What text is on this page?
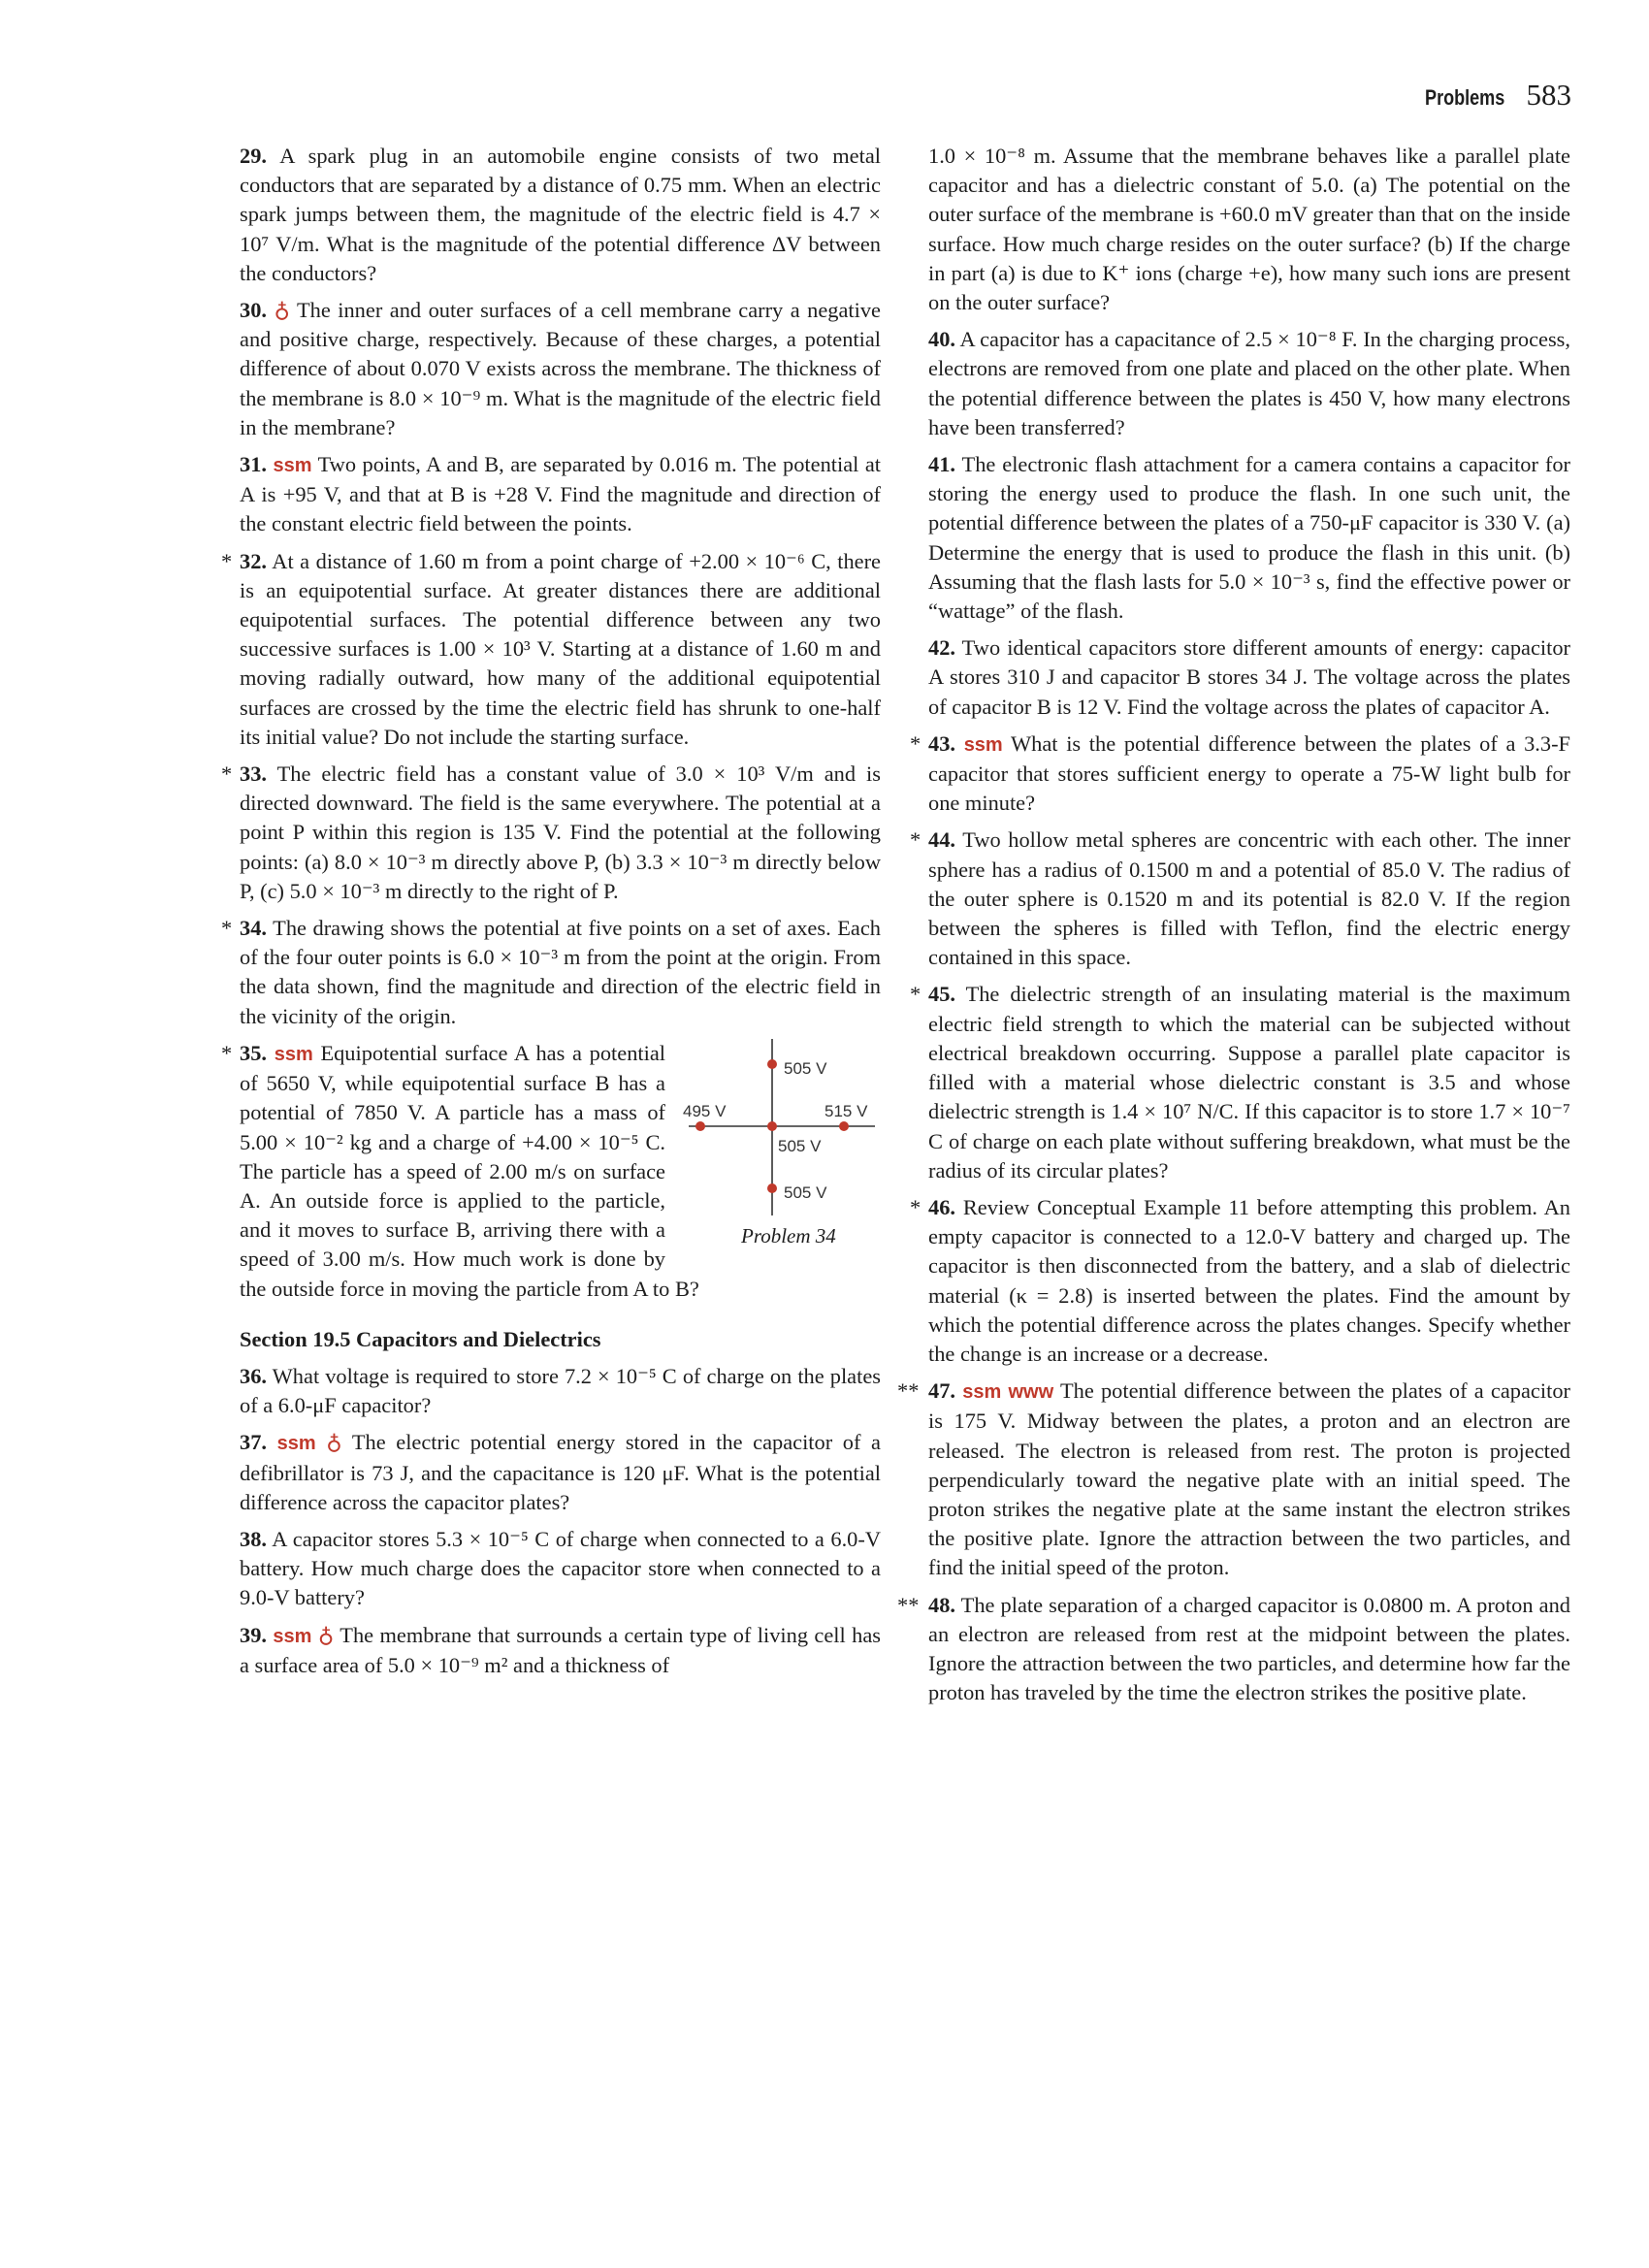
Problems 583

29. A spark plug in an automobile engine consists of two metal conductors that are separated by a distance of 0.75 mm. When an electric spark jumps between them, the magnitude of the electric field is 4.7 × 10⁷ V/m. What is the magnitude of the potential difference ΔV between the conductors?

30. ♁ The inner and outer surfaces of a cell membrane carry a negative and positive charge, respectively. Because of these charges, a potential difference of about 0.070 V exists across the membrane. The thickness of the membrane is 8.0 × 10⁻⁹ m. What is the magnitude of the electric field in the membrane?

31. ssm Two points, A and B, are separated by 0.016 m. The potential at A is +95 V, and that at B is +28 V. Find the magnitude and direction of the constant electric field between the points.

* 32. At a distance of 1.60 m from a point charge of +2.00 × 10⁻⁶ C, there is an equipotential surface. At greater distances there are additional equipotential surfaces. The potential difference between any two successive surfaces is 1.00 × 10³ V. Starting at a distance of 1.60 m and moving radially outward, how many of the additional equipotential surfaces are crossed by the time the electric field has shrunk to one-half its initial value? Do not include the starting surface.

* 33. The electric field has a constant value of 3.0 × 10³ V/m and is directed downward. The field is the same everywhere. The potential at a point P within this region is 135 V. Find the potential at the following points: (a) 8.0 × 10⁻³ m directly above P, (b) 3.3 × 10⁻³ m directly below P, (c) 5.0 × 10⁻³ m directly to the right of P.

* 34. The drawing shows the potential at five points on a set of axes. Each of the four outer points is 6.0 × 10⁻³ m from the point at the origin. From the data shown, find the magnitude and direction of the electric field in the vicinity of the origin.

505 V
495 V	515 V
505 V
505 V
Problem 34

* 35. ssm Equipotential surface A has a potential of 5650 V, while equipotential surface B has a potential of 7850 V. A particle has a mass of 5.00 × 10⁻² kg and a charge of +4.00 × 10⁻⁵ C. The particle has a speed of 2.00 m/s on surface A. An outside force is applied to the particle, and it moves to surface B, arriving there with a speed of 3.00 m/s. How much work is done by the outside force in moving the particle from A to B?

Section 19.5 Capacitors and Dielectrics

36. What voltage is required to store 7.2 × 10⁻⁵ C of charge on the plates of a 6.0-μF capacitor?

37. ssm ♁ The electric potential energy stored in the capacitor of a defibrillator is 73 J, and the capacitance is 120 μF. What is the potential difference across the capacitor plates?

38. A capacitor stores 5.3 × 10⁻⁵ C of charge when connected to a 6.0-V battery. How much charge does the capacitor store when connected to a 9.0-V battery?

39. ssm ♁ The membrane that surrounds a certain type of living cell has a surface area of 5.0 × 10⁻⁹ m² and a thickness of

1.0 × 10⁻⁸ m. Assume that the membrane behaves like a parallel plate capacitor and has a dielectric constant of 5.0. (a) The potential on the outer surface of the membrane is +60.0 mV greater than that on the inside surface. How much charge resides on the outer surface? (b) If the charge in part (a) is due to K⁺ ions (charge +e), how many such ions are present on the outer surface?

40. A capacitor has a capacitance of 2.5 × 10⁻⁸ F. In the charging process, electrons are removed from one plate and placed on the other plate. When the potential difference between the plates is 450 V, how many electrons have been transferred?

41. The electronic flash attachment for a camera contains a capacitor for storing the energy used to produce the flash. In one such unit, the potential difference between the plates of a 750-μF capacitor is 330 V. (a) Determine the energy that is used to produce the flash in this unit. (b) Assuming that the flash lasts for 5.0 × 10⁻³ s, find the effective power or “wattage” of the flash.

42. Two identical capacitors store different amounts of energy: capacitor A stores 310 J and capacitor B stores 34 J. The voltage across the plates of capacitor B is 12 V. Find the voltage across the plates of capacitor A.

* 43. ssm What is the potential difference between the plates of a 3.3-F capacitor that stores sufficient energy to operate a 75-W light bulb for one minute?

* 44. Two hollow metal spheres are concentric with each other. The inner sphere has a radius of 0.1500 m and a potential of 85.0 V. The radius of the outer sphere is 0.1520 m and its potential is 82.0 V. If the region between the spheres is filled with Teflon, find the electric energy contained in this space.

* 45. The dielectric strength of an insulating material is the maximum electric field strength to which the material can be subjected without electrical breakdown occurring. Suppose a parallel plate capacitor is filled with a material whose dielectric constant is 3.5 and whose dielectric strength is 1.4 × 10⁷ N/C. If this capacitor is to store 1.7 × 10⁻⁷ C of charge on each plate without suffering breakdown, what must be the radius of its circular plates?

* 46. Review Conceptual Example 11 before attempting this problem. An empty capacitor is connected to a 12.0-V battery and charged up. The capacitor is then disconnected from the battery, and a slab of dielectric material (κ = 2.8) is inserted between the plates. Find the amount by which the potential difference across the plates changes. Specify whether the change is an increase or a decrease.

** 47. ssm www The potential difference between the plates of a capacitor is 175 V. Midway between the plates, a proton and an electron are released. The electron is released from rest. The proton is projected perpendicularly toward the negative plate with an initial speed. The proton strikes the negative plate at the same instant the electron strikes the positive plate. Ignore the attraction between the two particles, and find the initial speed of the proton.

** 48. The plate separation of a charged capacitor is 0.0800 m. A proton and an electron are released from rest at the midpoint between the plates. Ignore the attraction between the two particles, and determine how far the proton has traveled by the time the electron strikes the positive plate.
